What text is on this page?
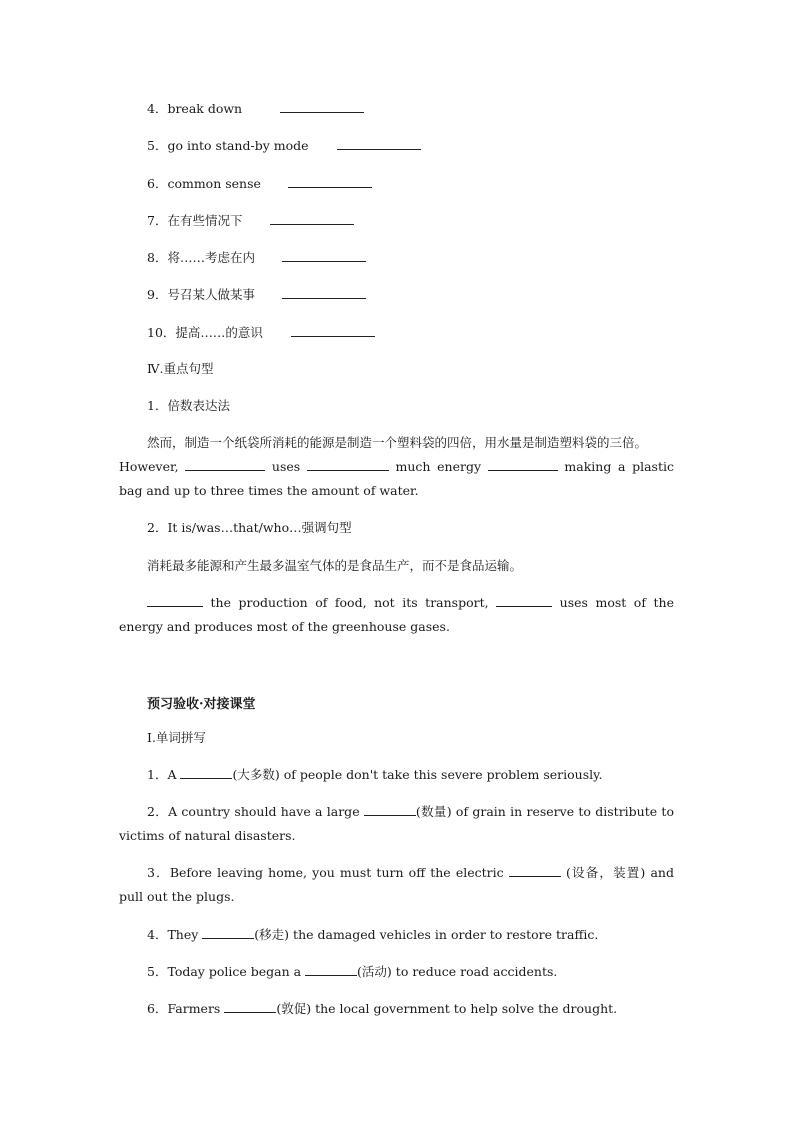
4．break down
5．go into stand-by mode
6．common sense
7．在有些情况下
8．将……考虑在内
9．号召某人做某事
10．提高……的意识
Ⅳ.重点句型
1．倍数表达法
然而，制造一个纸袋所消耗的能源是制造一个塑料袋的四倍，用水量是制造塑料袋的三倍。
However,	uses	much energy	making a plastic bag and up to three times the amount of water.
2．It is/was…that/who…强调句型
消耗最多能源和产生最多温室气体的是食品生产，而不是食品运输。
the production of food, not its transport,	uses most of the energy and produces most of the greenhouse gases.
预习验收·对接课堂
Ⅰ.单词拼写
1．A	(大多数) of people don't take this severe problem seriously.
2．A country should have a large	(数量) of grain in reserve to distribute to victims of natural disasters.
3．Before leaving home, you must turn off the electric	(设备，装置) and pull out the plugs.
4．They	(移走) the damaged vehicles in order to restore traffic.
5．Today police began a	(活动) to reduce road accidents.
6．Farmers	(敦促) the local government to help solve the drought.
